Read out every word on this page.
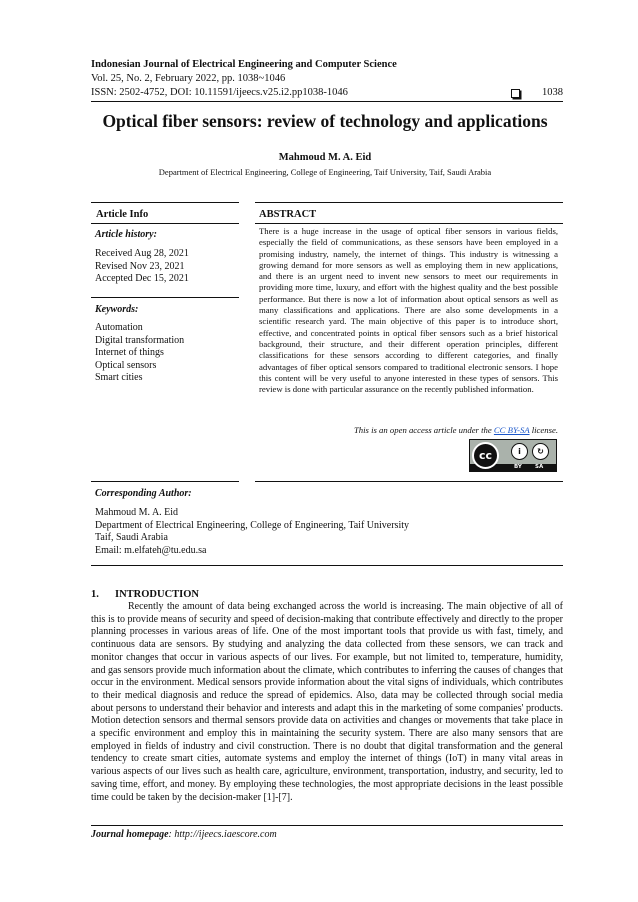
Indonesian Journal of Electrical Engineering and Computer Science
Vol. 25, No. 2, February 2022, pp. 1038~1046
ISSN: 2502-4752, DOI: 10.11591/ijeecs.v25.i2.pp1038-1046	1038
Optical fiber sensors: review of technology and applications
Mahmoud M. A. Eid
Department of Electrical Engineering, College of Engineering, Taif University, Taif, Saudi Arabia
Article Info
Article history:
Received Aug 28, 2021
Revised Nov 23, 2021
Accepted Dec 15, 2021
Keywords:
Automation
Digital transformation
Internet of things
Optical sensors
Smart cities
ABSTRACT
There is a huge increase in the usage of optical fiber sensors in various fields, especially the field of communications, as these sensors have been employed in a promising industry, namely, the internet of things. This industry is witnessing a growing demand for more sensors as well as employing them in new applications, and there is an urgent need to invent new sensors to meet our requirements in providing more time, luxury, and effort with the highest quality and the best possible performance. But there is now a lot of information about optical sensors as well as many classifications and applications. There are also some developments in a scientific research yard. The main objective of this paper is to introduce short, effective, and concentrated points in optical fiber sensors such as a brief historical background, their structure, and their different operation principles, different classifications for these sensors according to different categories, and finally advantages of fiber optical sensors compared to traditional electronic sensors. I hope this content will be very useful to anyone interested in these types of sensors. This review is done with particular assurance on the recently published information.
This is an open access article under the CC BY-SA license.
cc	i	↻
BY SA
Corresponding Author:
Mahmoud M. A. Eid
Department of Electrical Engineering, College of Engineering, Taif University
Taif, Saudi Arabia
Email: m.elfateh@tu.edu.sa
1. INTRODUCTION
Recently the amount of data being exchanged across the world is increasing. The main objective of all of this is to provide means of security and speed of decision-making that contribute effectively and directly to the proper planning processes in various areas of life. One of the most important tools that provide us with fast, timely, and continuous data are sensors. By studying and analyzing the data collected from these sensors, we can track and monitor changes that occur in various aspects of our lives. For example, but not limited to, temperature, humidity, and gas sensors provide much information about the climate, which contributes to inferring the causes of changes that occur in the environment. Medical sensors provide information about the vital signs of individuals, which contributes to their medical diagnosis and reduce the spread of epidemics. Also, data may be collected through social media about persons to understand their behavior and interests and adapt this in the marketing of some companies' products. Motion detection sensors and thermal sensors provide data on activities and changes or movements that take place in a specific environment and employ this in maintaining the security system. There are also many sensors that are employed in fields of industry and civil construction. There is no doubt that digital transformation and the general tendency to create smart cities, automate systems and employ the internet of things (IoT) in many vital areas in various aspects of our lives such as health care, agriculture, environment, transportation, industry, and security, led to saving time, effort, and money. By employing these technologies, the most appropriate decisions in the least possible time could be taken by the decision-maker [1]-[7].
Journal homepage: http://ijeecs.iaescore.com
